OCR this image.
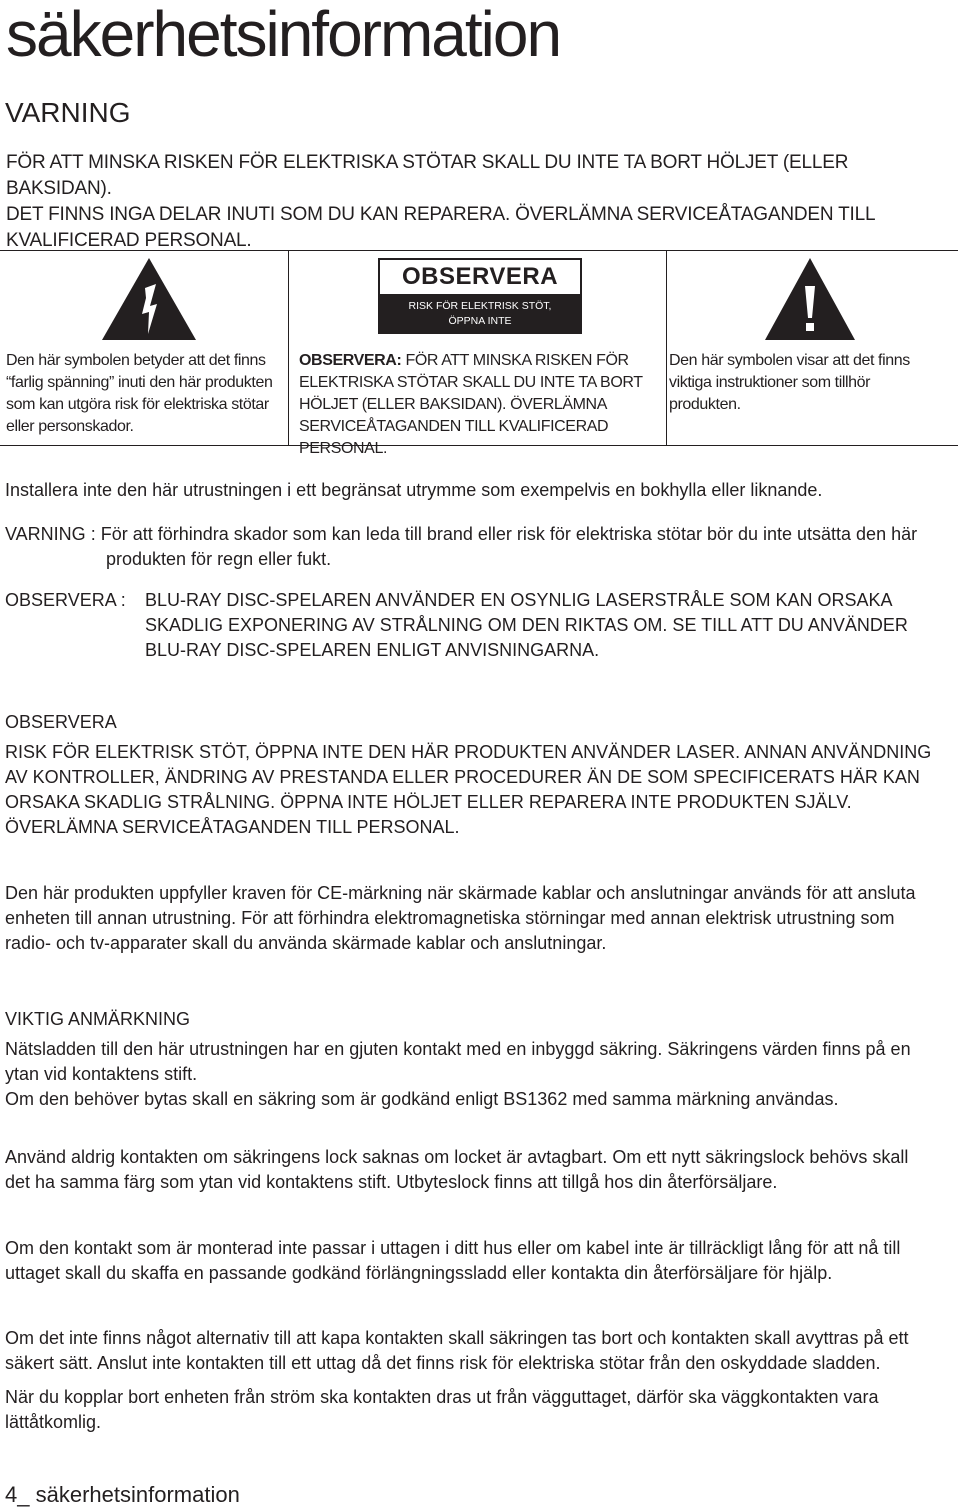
säkerhetsinformation
VARNING
FÖR ATT MINSKA RISKEN FÖR ELEKTRISKA STÖTAR SKALL DU INTE TA BORT HÖLJET (ELLER BAKSIDAN).
DET FINNS INGA DELAR INUTI SOM DU KAN REPARERA. ÖVERLÄMNA SERVICEÅTAGANDEN TILL
KVALIFICERAD PERSONAL.
OBSERVERA
RISK FÖR ELEKTRISK STÖT,
ÖPPNA INTE
Den här symbolen betyder att det finns
“farlig spänning” inuti den här produkten
som kan utgöra risk för elektriska stötar
eller personskador.
OBSERVERA: FÖR ATT MINSKA RISKEN FÖR
ELEKTRISKA STÖTAR SKALL DU INTE TA BORT
HÖLJET (ELLER BAKSIDAN). ÖVERLÄMNA
SERVICEÅTAGANDEN TILL KVALIFICERAD PERSONAL.
Den här symbolen visar att det finns
viktiga instruktioner som tillhör
produkten.
Installera inte den här utrustningen i ett begränsat utrymme som exempelvis en bokhylla eller liknande.
VARNING : För att förhindra skador som kan leda till brand eller risk för elektriska stötar bör du inte utsätta den här
produkten för regn eller fukt.
OBSERVERA : BLU-RAY DISC-SPELAREN ANVÄNDER EN OSYNLIG LASERSTRÅLE SOM KAN ORSAKA
SKADLIG EXPONERING AV STRÅLNING OM DEN RIKTAS OM. SE TILL ATT DU ANVÄNDER
BLU-RAY DISC-SPELAREN ENLIGT ANVISNINGARNA.
OBSERVERA
RISK FÖR ELEKTRISK STÖT, ÖPPNA INTE DEN HÄR PRODUKTEN ANVÄNDER LASER. ANNAN ANVÄNDNING
AV KONTROLLER, ÄNDRING AV PRESTANDA ELLER PROCEDURER ÄN DE SOM SPECIFICERATS HÄR KAN
ORSAKA SKADLIG STRÅLNING. ÖPPNA INTE HÖLJET ELLER REPARERA INTE PRODUKTEN SJÄLV.
ÖVERLÄMNA SERVICEÅTAGANDEN TILL PERSONAL.
Den här produkten uppfyller kraven för CE-märkning när skärmade kablar och anslutningar används för att ansluta
enheten till annan utrustning. För att förhindra elektromagnetiska störningar med annan elektrisk utrustning som
radio- och tv-apparater skall du använda skärmade kablar och anslutningar.
VIKTIG ANMÄRKNING
Nätsladden till den här utrustningen har en gjuten kontakt med en inbyggd säkring. Säkringens värden finns på en
ytan vid kontaktens stift.
Om den behöver bytas skall en säkring som är godkänd enligt BS1362 med samma märkning användas.
Använd aldrig kontakten om säkringens lock saknas om locket är avtagbart. Om ett nytt säkringslock behövs skall
det ha samma färg som ytan vid kontaktens stift. Utbyteslock finns att tillgå hos din återförsäljare.
Om den kontakt som är monterad inte passar i uttagen i ditt hus eller om kabel inte är tillräckligt lång för att nå till
uttaget skall du skaffa en passande godkänd förlängningssladd eller kontakta din återförsäljare för hjälp.
Om det inte finns något alternativ till att kapa kontakten skall säkringen tas bort och kontakten skall avyttras på ett
säkert sätt. Anslut inte kontakten till ett uttag då det finns risk för elektriska stötar från den oskyddade sladden.
När du kopplar bort enheten från ström ska kontakten dras ut från vägguttaget, därför ska väggkontakten vara
lättåtkomlig.
4_ säkerhetsinformation
